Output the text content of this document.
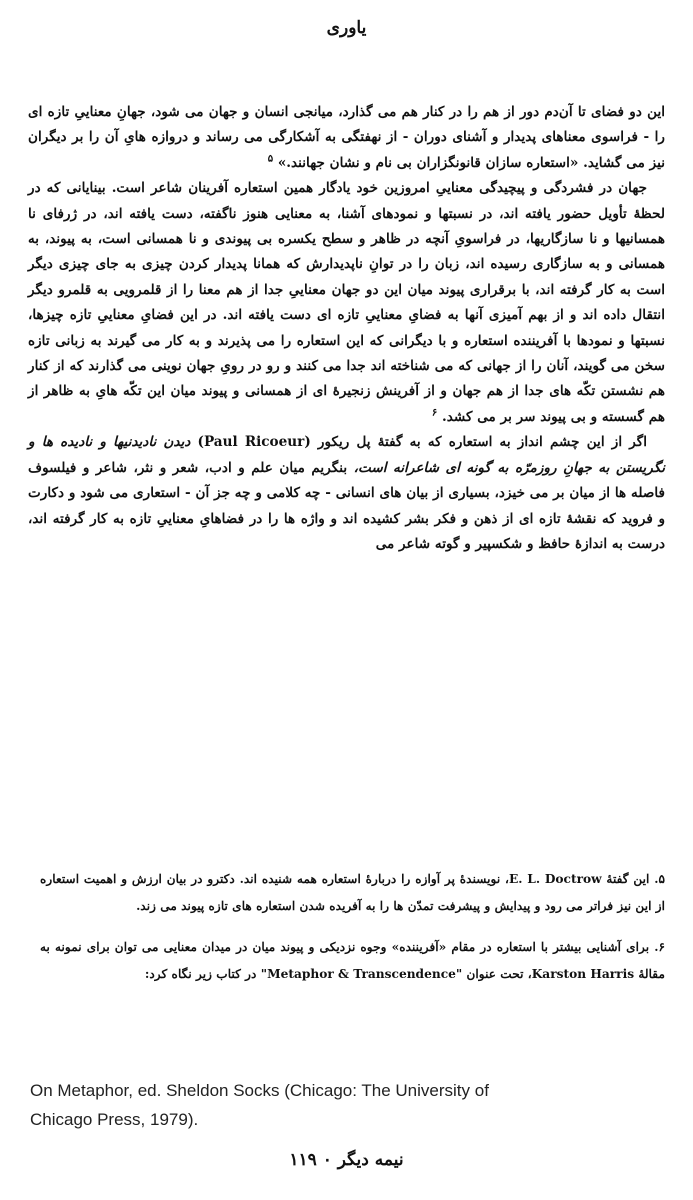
یاوری

این دو فضای تا آن‌دم دور از هم را در کنار هم می گذارد، میانجی انسان و جهان می شود، جهانِ معناییِ تازه ای را - فراسوی معناهای پدیدار و آشنای دوران - از نهفتگی به آشکارگی می رساند و دروازه هایِ آن را بر دیگران نیز می گشاید. «استعاره سازان قانونگزاران بی نام و نشان جهانند.» $^۵$

جهان در فشردگی و پیچیدگی معناییِ امروزین خود یادگار همین استعاره آفرینان شاعر است. بینایانی که در لحظهٔ تأویل حضور یافته اند، در نسبتها و نمودهای آشنا، به معنایی هنوز ناگفته، دست یافته اند، در ژرفای نا همسانیها و نا سازگاریها، در فراسویِ آنچه در ظاهر و سطح یکسره بی پیوندی و نا همسانی است، به پیوند، به همسانی و به سازگاری رسیده اند، زبان را در توانِ ناپدیدارش که همانا پدیدار کردن چیزی به جای چیزی دیگر است به کار گرفته اند، با برقراری پیوند میان این دو جهان معناییِ جدا از هم معنا را از قلمرویی به قلمرو دیگر انتقال داده اند و از بهم آمیزی آنها به فضایِ معناییِ تازه ای دست یافته اند. در این فضایِ معناییِ تازه چیزها، نسبتها و نمودها با آفریننده استعاره و با دیگرانی که این استعاره را می پذیرند و به کار می گیرند به زبانی تازه سخن می گویند، آنان را از جهانی که می شناخته اند جدا می کنند و رو در رویِ جهان نوینی می گذارند که از کنار هم نشستن تکّه های جدا از هم جهان و از آفرینش زنجیرهٔ ای از همسانی و پیوند میان این تکّه هایِ به ظاهر از هم گسسته و بی پیوند سر بر می کشد. $^۶$

اگر از این چشم انداز به استعاره که به گفتهٔ پل ریکور (Paul Ricoeur) دیدن نادیدنیها و نادیده ها و نگریستن به جهانِ روزمرّه به گونه ای شاعرانه است، بنگریم میان علم و ادب، شعر و نثر، شاعر و فیلسوف فاصله ها از میان بر می خیزد، بسیاری از بیان های انسانی - چه کلامی و چه جز آن - استعاری می شود و دکارت و فروید که نقشهٔ تازه ای از ذهن و فکر بشر کشیده اند و واژه ها را در فضاهایِ معناییِ تازه به کار گرفته اند، درست به اندازهٔ حافظ و شکسپیر و گوته شاعر می

۵. این گفتهٔ E. L. Doctrow، نویسندهٔ پر آوازه را دربارهٔ استعاره همه شنیده اند. دکترو در بیان ارزش و اهمیت استعاره از این نیز فراتر می رود و پیدایش و پیشرفت تمدّن ها را به آفریده شدن استعاره های تازه پیوند می زند.

۶. برای آشنایی بیشتر با استعاره در مقام «آفریننده» وجوه نزدیکی و پیوند میان در میدان معنایی می توان برای نمونه به مقالهٔ Karston Harris، تحت عنوان "Metaphor & Transcendence" در کتاب زیر نگاه کرد:

On Metaphor, ed. Sheldon Socks (Chicago: The University of
Chicago Press, 1979).
نیمه دیگر ۰ ۱۱۹
